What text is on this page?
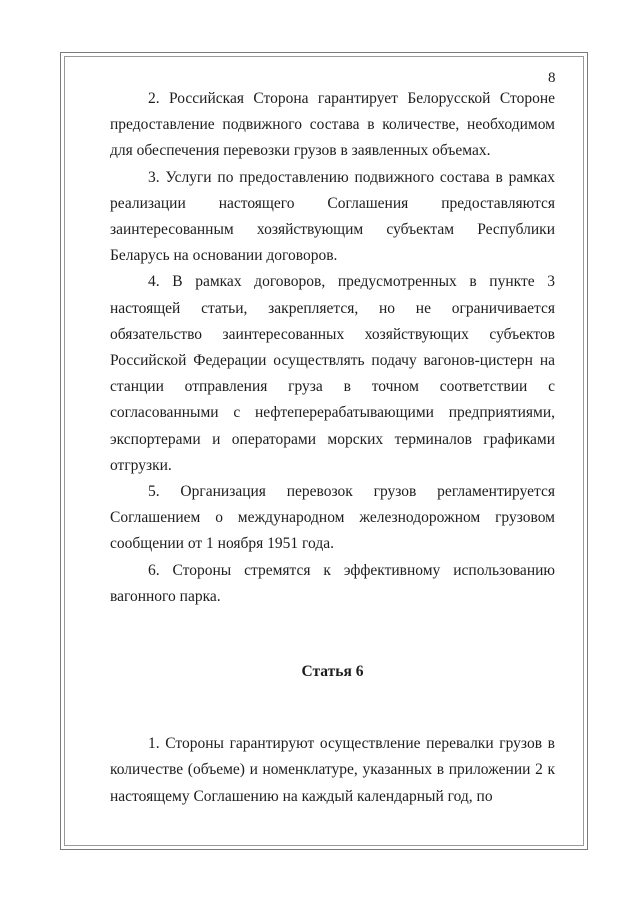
8

2. Российская Сторона гарантирует Белорусской Стороне предоставление подвижного состава в количестве, необходимом для обеспечения перевозки грузов в заявленных объемах.

3. Услуги по предоставлению подвижного состава в рамках реализации настоящего Соглашения предоставляются заинтересованным хозяйствующим субъектам Республики Беларусь на основании договоров.

4. В рамках договоров, предусмотренных в пункте 3 настоящей статьи, закрепляется, но не ограничивается обязательство заинтересованных хозяйствующих субъектов Российской Федерации осуществлять подачу вагонов-цистерн на станции отправления груза в точном соответствии с согласованными с нефтеперерабатывающими предприятиями, экспортерами и операторами морских терминалов графиками отгрузки.

5. Организация перевозок грузов регламентируется Соглашением о международном железнодорожном грузовом сообщении от 1 ноября 1951 года.

6. Стороны стремятся к эффективному использованию вагонного парка.

Статья 6

1. Стороны гарантируют осуществление перевалки грузов в количестве (объеме) и номенклатуре, указанных в приложении 2 к настоящему Соглашению на каждый календарный год, по
